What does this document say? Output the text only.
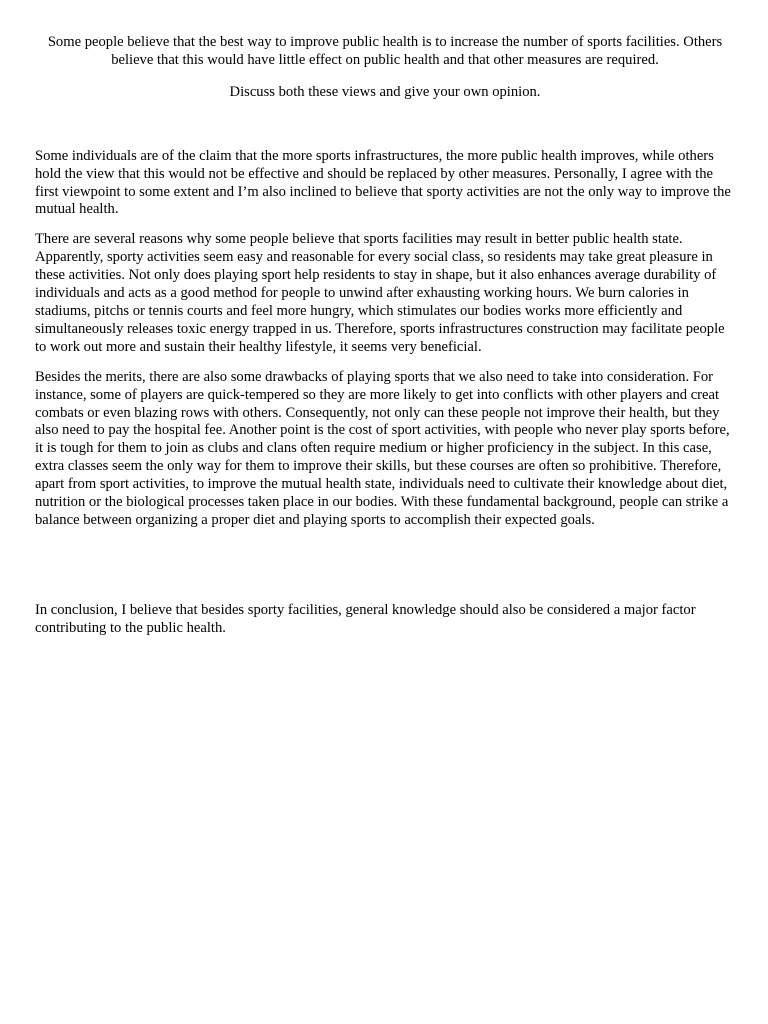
Some people believe that the best way to improve public health is to increase the number of sports facilities. Others believe that this would have little effect on public health and that other measures are required.

Discuss both these views and give your own opinion.

Some individuals are of the claim that the more sports infrastructures, the more public health improves, while others hold the view that this would not be effective and should be replaced by other measures. Personally, I agree with the first viewpoint to some extent and I’m also inclined to believe that sporty activities are not the only way to improve the mutual health.

There are several reasons why some people believe that sports facilities may result in better public health state. Apparently, sporty activities seem easy and reasonable for every social class, so residents may take great pleasure in these activities. Not only does playing sport help residents to stay in shape, but it also enhances average durability of individuals and acts as a good method for people to unwind after exhausting working hours. We burn calories in stadiums, pitchs or tennis courts and feel more hungry, which stimulates our bodies works more efficiently and simultaneously releases toxic energy trapped in us. Therefore, sports infrastructures construction may facilitate people to work out more and sustain their healthy lifestyle, it seems very beneficial.

Besides the merits, there are also some drawbacks of playing sports that we also need to take into consideration. For instance, some of players are quick-tempered so they are more likely to get into conflicts with other players and creat combats or even blazing rows with others. Consequently, not only can these people not improve their health, but they also need to pay the hospital fee. Another point is the cost of sport activities, with people who never play sports before, it is tough for them to join as clubs and clans often require medium or higher proficiency in the subject. In this case, extra classes seem the only way for them to improve their skills, but these courses are often so prohibitive. Therefore, apart from sport activities, to improve the mutual health state, individuals need to cultivate their knowledge about diet, nutrition or the biological processes taken place in our bodies. With these fundamental background, people can strike a balance between organizing a proper diet and playing sports to accomplish their expected goals.

In conclusion, I believe that besides sporty facilities, general knowledge should also be considered a major factor contributing to the public health.
